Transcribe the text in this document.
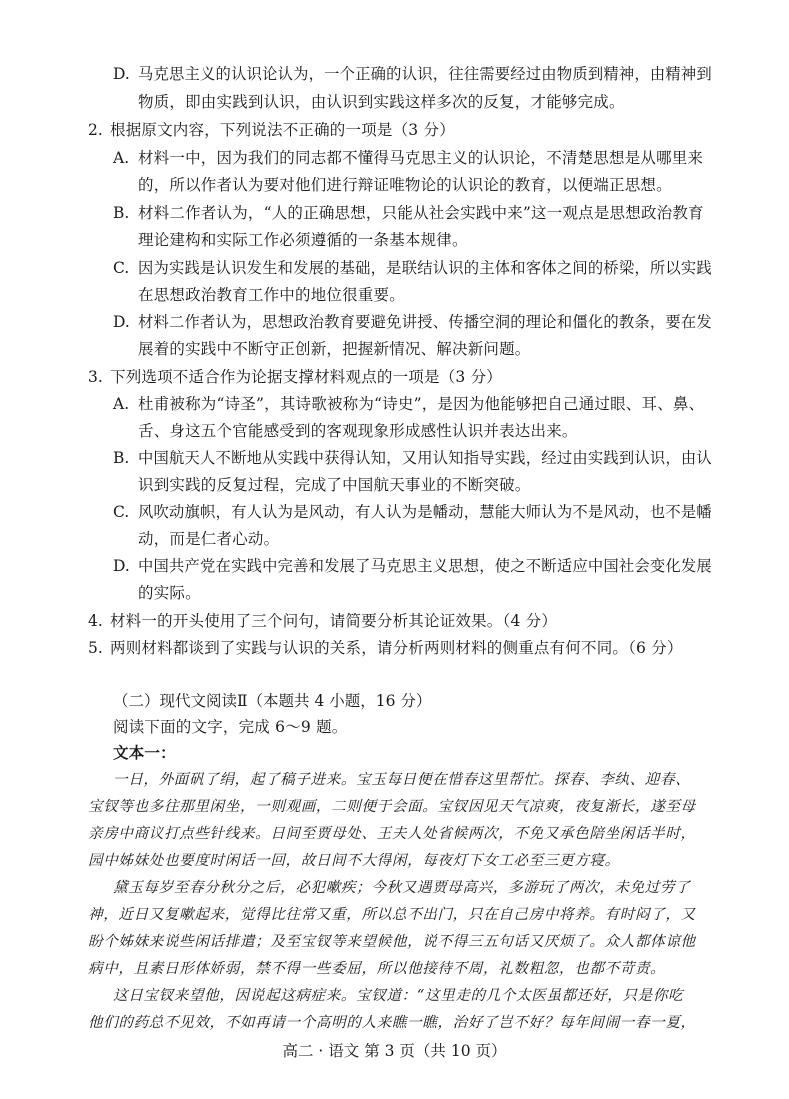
D. 马克思主义的认识论认为，一个正确的认识，往往需要经过由物质到精神，由精神到
物质，即由实践到认识，由认识到实践这样多次的反复，才能够完成。
2. 根据原文内容，下列说法不正确的一项是（3 分）
A. 材料一中，因为我们的同志都不懂得马克思主义的认识论，不清楚思想是从哪里来
的，所以作者认为要对他们进行辩证唯物论的认识论的教育，以便端正思想。
B. 材料二作者认为，“人的正确思想，只能从社会实践中来”这一观点是思想政治教育
理论建构和实际工作必须遵循的一条基本规律。
C. 因为实践是认识发生和发展的基础，是联结认识的主体和客体之间的桥梁，所以实践
在思想政治教育工作中的地位很重要。
D. 材料二作者认为，思想政治教育要避免讲授、传播空洞的理论和僵化的教条，要在发
展着的实践中不断守正创新，把握新情况、解决新问题。
3. 下列选项不适合作为论据支撑材料观点的一项是（3 分）
A. 杜甫被称为“诗圣”，其诗歌被称为“诗史”，是因为他能够把自己通过眼、耳、鼻、
舌、身这五个官能感受到的客观现象形成感性认识并表达出来。
B. 中国航天人不断地从实践中获得认知，又用认知指导实践，经过由实践到认识，由认
识到实践的反复过程，完成了中国航天事业的不断突破。
C. 风吹动旗帜，有人认为是风动，有人认为是幡动，慧能大师认为不是风动，也不是幡
动，而是仁者心动。
D. 中国共产党在实践中完善和发展了马克思主义思想，使之不断适应中国社会变化发展
的实际。
4. 材料一的开头使用了三个问句，请简要分析其论证效果。（4 分）
5. 两则材料都谈到了实践与认识的关系，请分析两则材料的侧重点有何不同。（6 分）
（二）现代文阅读Ⅱ（本题共 4 小题，16 分）
阅读下面的文字，完成 6～9 题。
文本一：
一日，外面矾了绢，起了稿子进来。宝玉每日便在惜春这里帮忙。探春、李纨、迎春、
宝钗等也多往那里闲坐，一则观画，二则便于会面。宝钗因见天气凉爽，夜复渐长，遂至母
亲房中商议打点些针线来。日间至贾母处、王夫人处省候两次，不免又承色陪坐闲话半时，
园中姊妹处也要度时闲话一回，故日间不大得闲，每夜灯下女工必至三更方寝。
黛玉每岁至春分秋分之后，必犯嗽疾；今秋又遇贾母高兴，多游玩了两次，未免过劳了
神，近日又复嗽起来，觉得比往常又重，所以总不出门，只在自己房中将养。有时闷了，又
盼个姊妹来说些闲话排遣；及至宝钗等来望候他，说不得三五句话又厌烦了。众人都体谅他
病中，且素日形体娇弱，禁不得一些委屈，所以他接待不周，礼数粗忽，也都不苛责。
这日宝钗来望他，因说起这病症来。宝钗道：“这里走的几个太医虽都还好，只是你吃
他们的药总不见效，不如再请一个高明的人来瞧一瞧，治好了岂不好？每年间闹一春一夏，
高二 · 语文 第 3 页（共 10 页）
